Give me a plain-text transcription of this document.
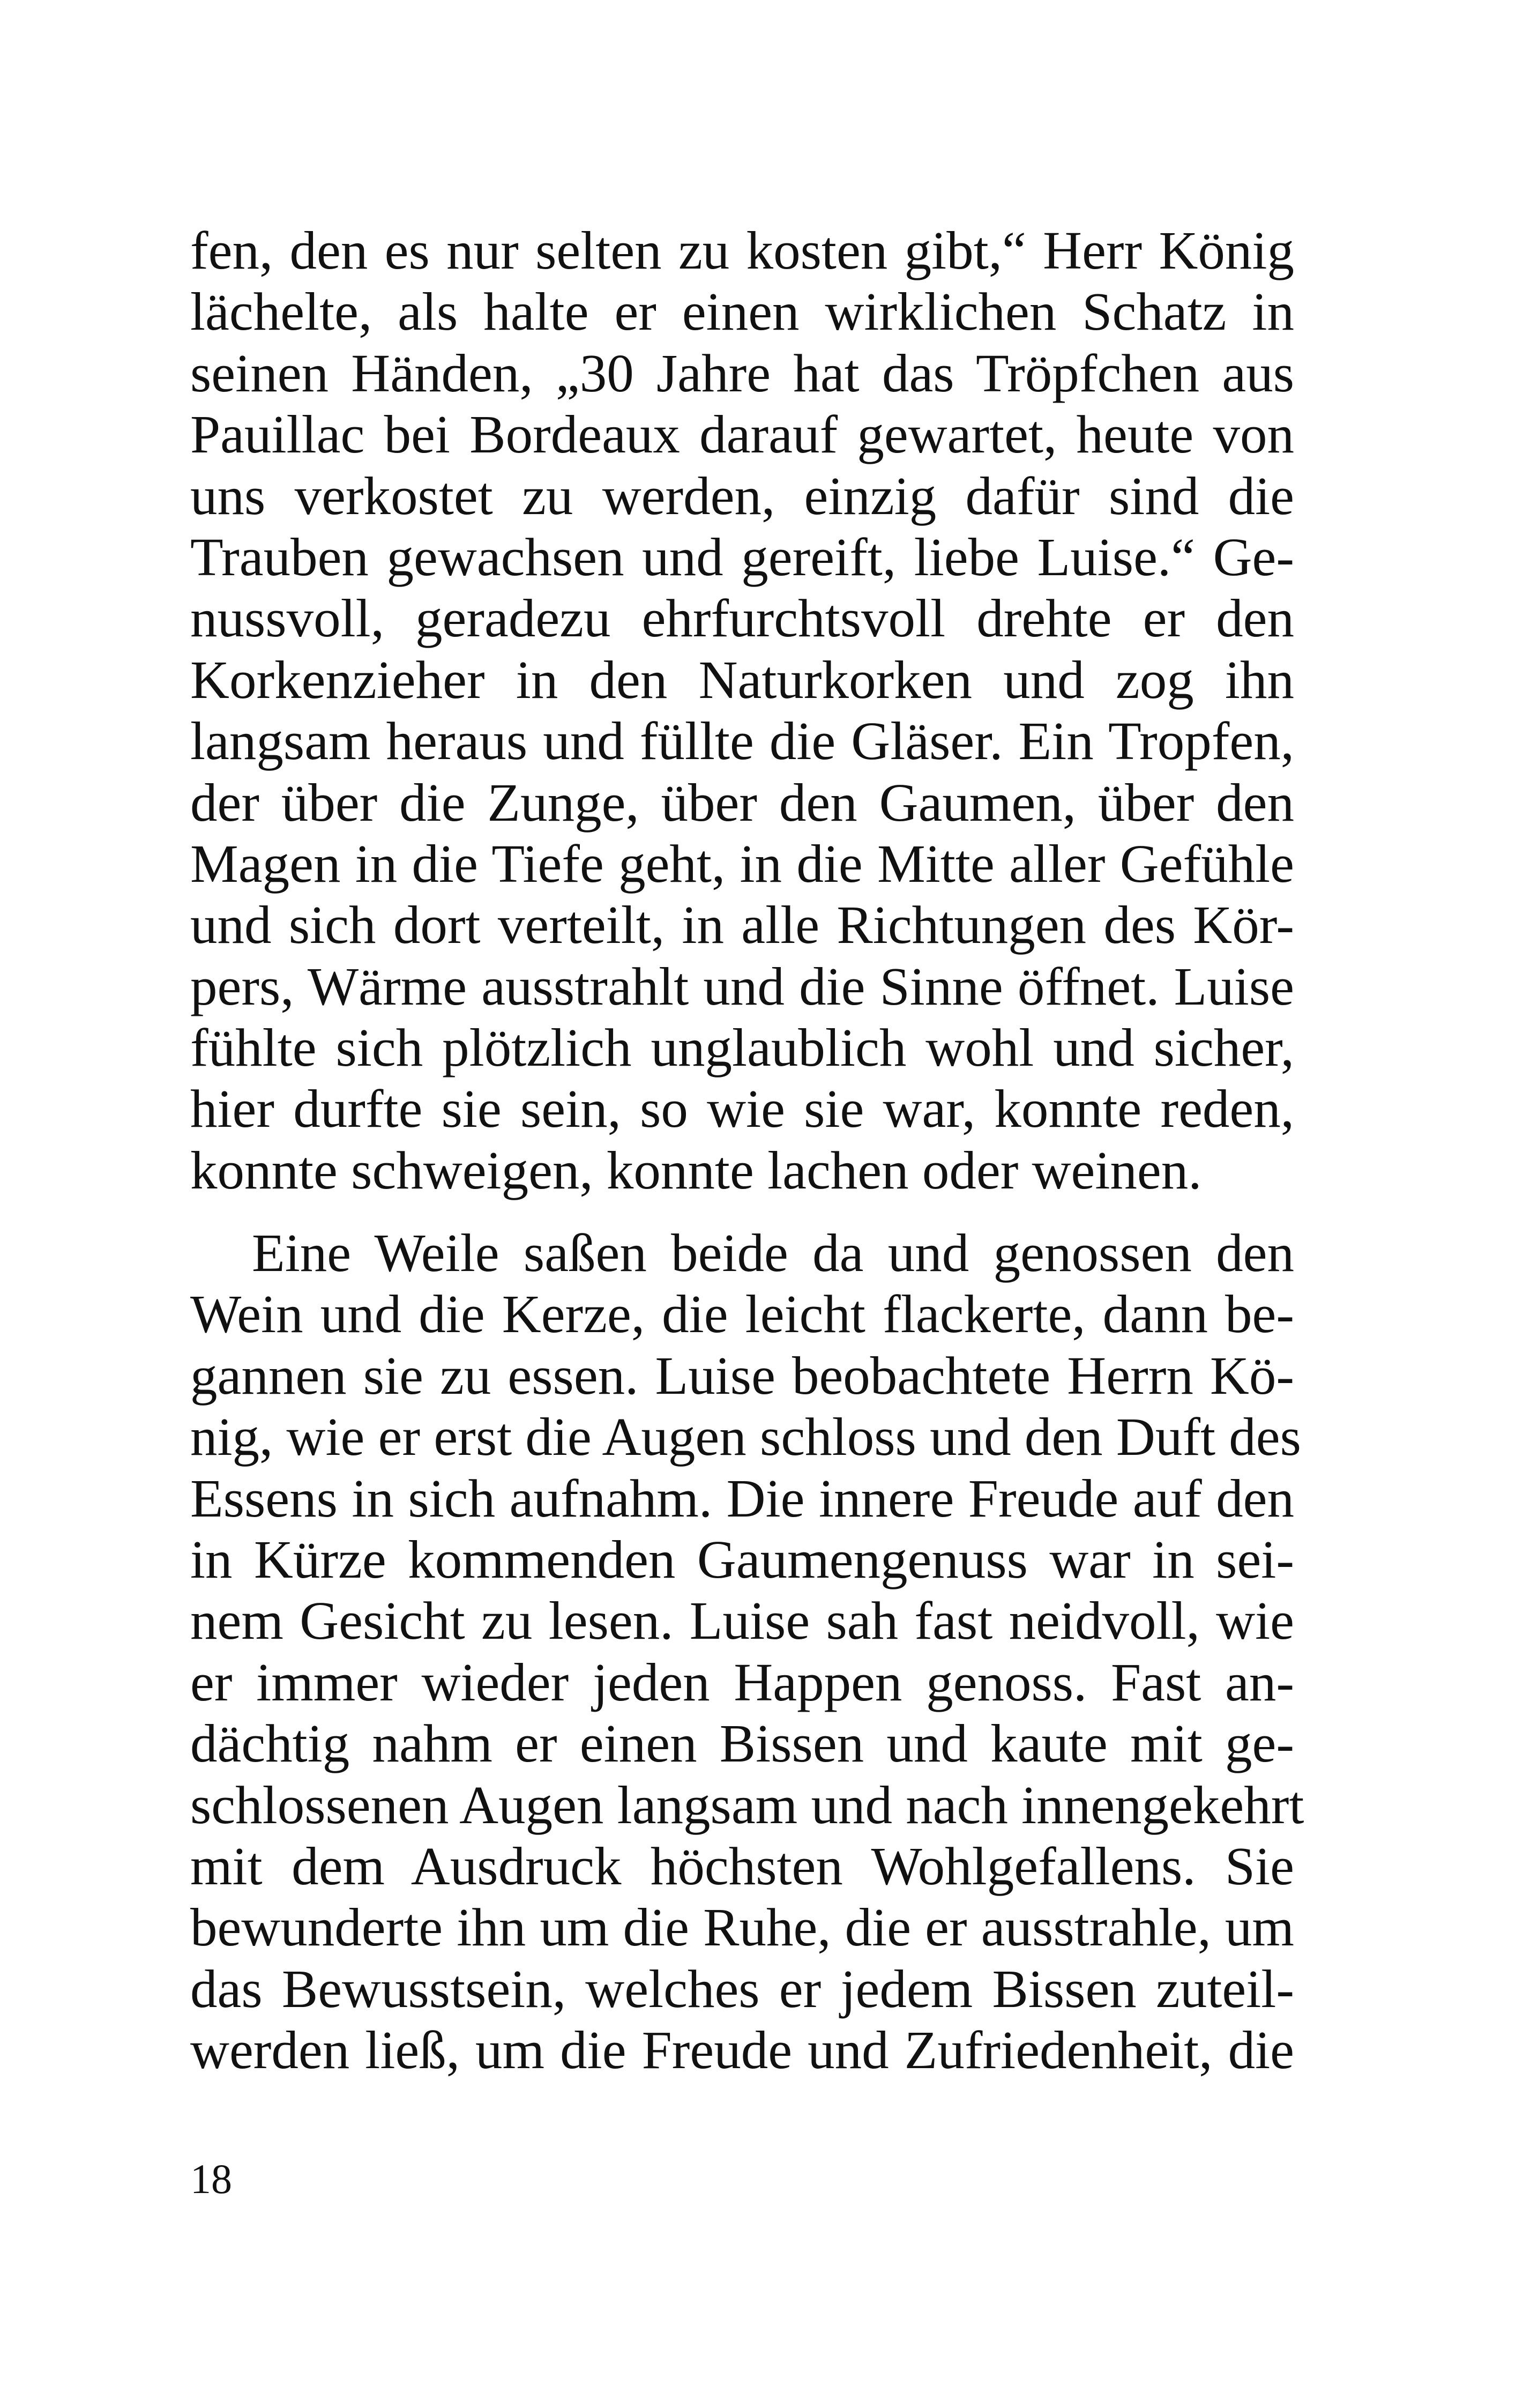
fen, den es nur selten zu kosten gibt,“ Herr König
lächelte, als halte er einen wirklichen Schatz in
seinen Händen, „30 Jahre hat das Tröpfchen aus
Pauillac bei Bordeaux darauf gewartet, heute von
uns verkostet zu werden, einzig dafür sind die
Trauben gewachsen und gereift, liebe Luise.“ Ge-
nussvoll, geradezu ehrfurchtsvoll drehte er den
Korkenzieher in den Naturkorken und zog ihn
langsam heraus und füllte die Gläser. Ein Tropfen,
der über die Zunge, über den Gaumen, über den
Magen in die Tiefe geht, in die Mitte aller Gefühle
und sich dort verteilt, in alle Richtungen des Kör-
pers, Wärme ausstrahlt und die Sinne öffnet. Luise
fühlte sich plötzlich unglaublich wohl und sicher,
hier durfte sie sein, so wie sie war, konnte reden,
konnte schweigen, konnte lachen oder weinen.
Eine Weile saßen beide da und genossen den
Wein und die Kerze, die leicht flackerte, dann be-
gannen sie zu essen. Luise beobachtete Herrn Kö-
nig, wie er erst die Augen schloss und den Duft des
Essens in sich aufnahm. Die innere Freude auf den
in Kürze kommenden Gaumengenuss war in sei-
nem Gesicht zu lesen. Luise sah fast neidvoll, wie
er immer wieder jeden Happen genoss. Fast an-
dächtig nahm er einen Bissen und kaute mit ge-
schlossenen Augen langsam und nach innengekehrt
mit dem Ausdruck höchsten Wohlgefallens. Sie
bewunderte ihn um die Ruhe, die er ausstrahle, um
das Bewusstsein, welches er jedem Bissen zuteil-
werden ließ, um die Freude und Zufriedenheit, die
18
